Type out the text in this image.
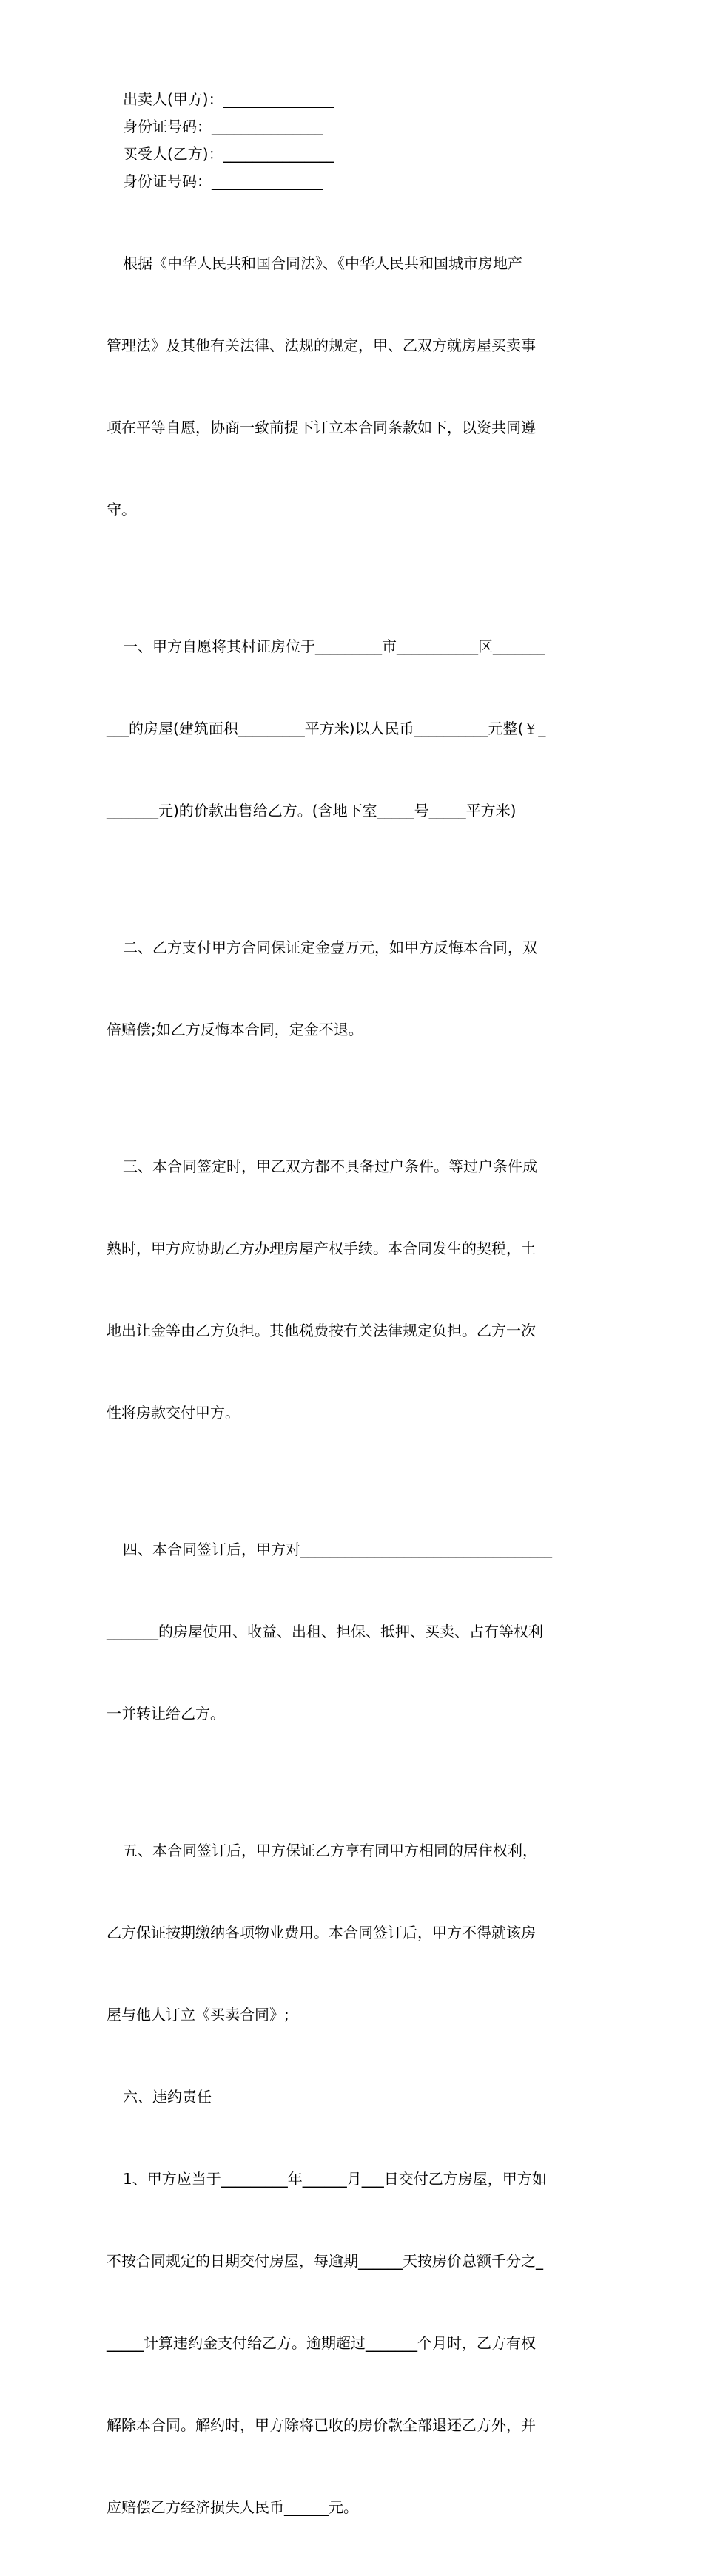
出卖人(甲方)：_______________
身份证号码：_______________
买受人(乙方)：_______________
身份证号码：_______________

根据《中华人民共和国合同法》、《中华人民共和国城市房地产

管理法》及其他有关法律、法规的规定，甲、乙双方就房屋买卖事

项在平等自愿，协商一致前提下订立本合同条款如下，以资共同遵

守。

一、甲方自愿将其村证房位于_________市___________区_______

___的房屋(建筑面积_________平方米)以人民币__________元整(￥_

_______元)的价款出售给乙方。(含地下室_____号_____平方米)

二、乙方支付甲方合同保证定金壹万元，如甲方反悔本合同，双

倍赔偿;如乙方反悔本合同，定金不退。

三、本合同签定时，甲乙双方都不具备过户条件。等过户条件成

熟时，甲方应协助乙方办理房屋产权手续。本合同发生的契税，土

地出让金等由乙方负担。其他税费按有关法律规定负担。乙方一次

性将房款交付甲方。

四、本合同签订后，甲方对__________________________________

_______的房屋使用、收益、出租、担保、抵押、买卖、占有等权利

一并转让给乙方。

五、本合同签订后，甲方保证乙方享有同甲方相同的居住权利，

乙方保证按期缴纳各项物业费用。本合同签订后，甲方不得就该房

屋与他人订立《买卖合同》;

六、违约责任

1、甲方应当于_________年______月___日交付乙方房屋，甲方如

不按合同规定的日期交付房屋，每逾期______天按房价总额千分之_

_____计算违约金支付给乙方。逾期超过_______个月时，乙方有权

解除本合同。解约时，甲方除将已收的房价款全部退还乙方外，并

应赔偿乙方经济损失人民币______元。
